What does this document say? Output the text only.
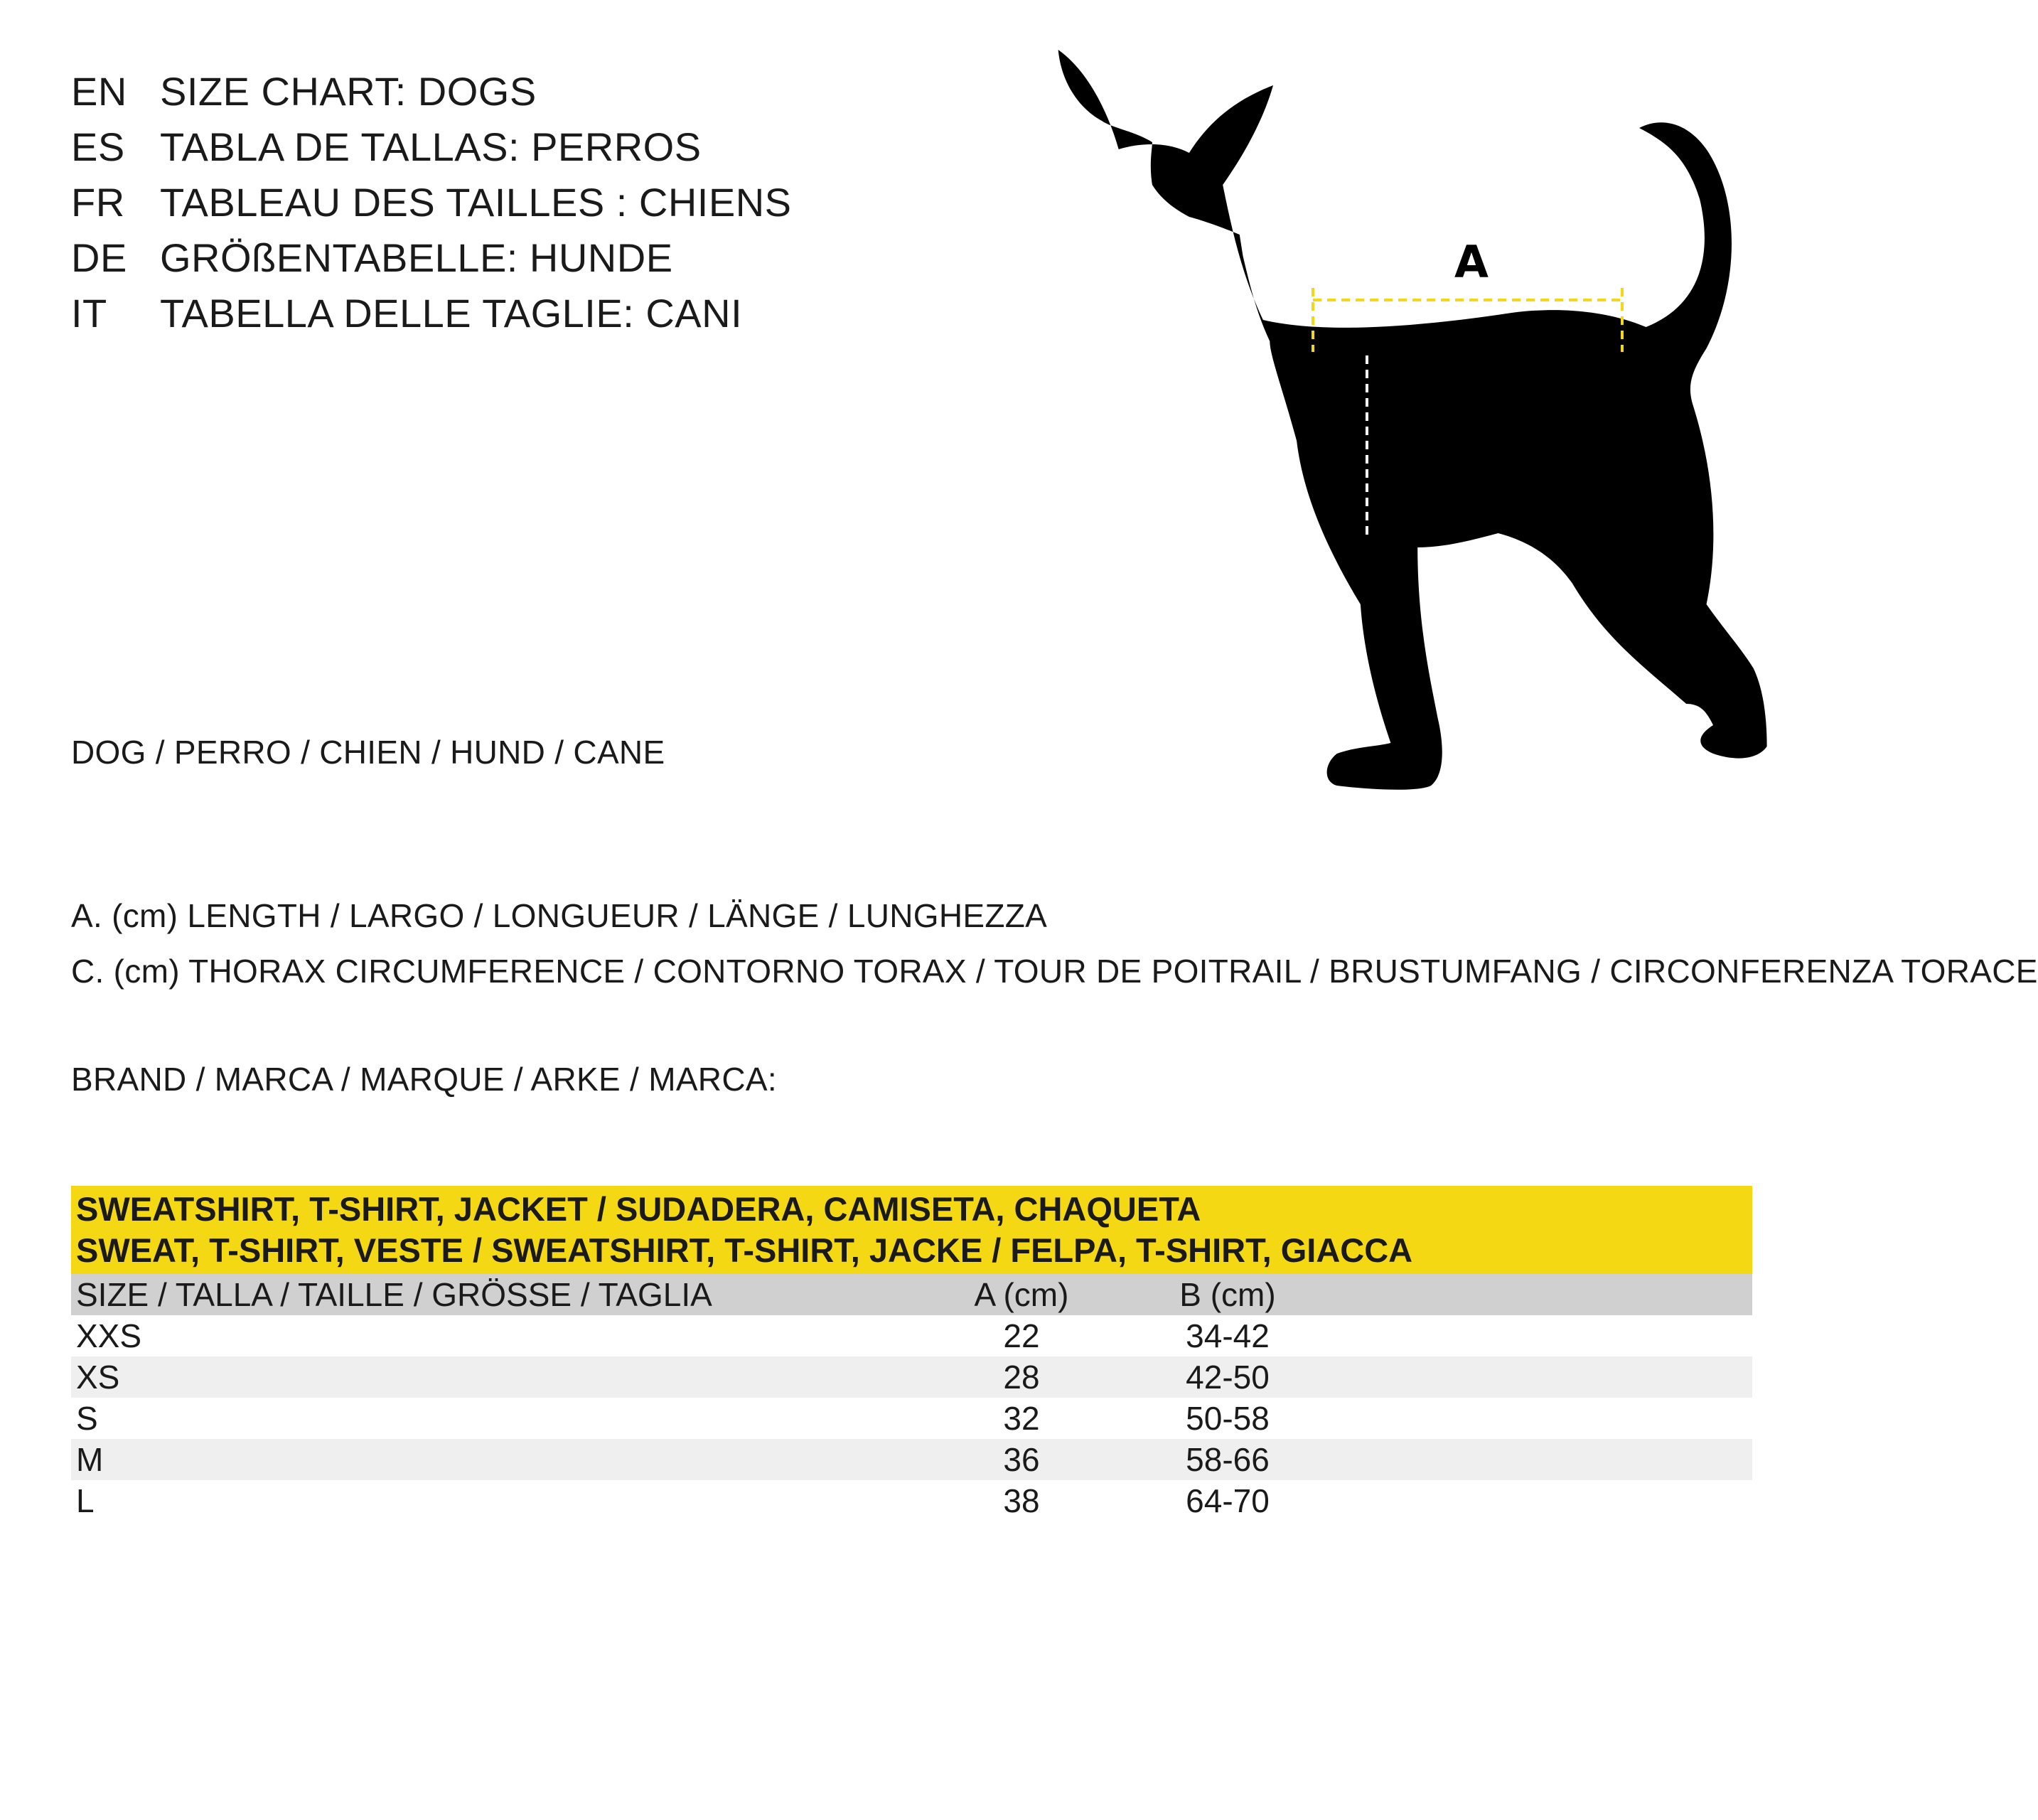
EN SIZE CHART: DOGS
ES TABLA DE TALLAS: PERROS
FR TABLEAU DES TAILLES : CHIENS
DE GRÖßENTABELLE: HUNDE
IT	TABELLA DELLE TAGLIE: CANI
A
B
DOG / PERRO / CHIEN / HUND / CANE
A. (cm) LENGTH / LARGO / LONGUEUR / LÄNGE / LUNGHEZZA
C. (cm) THORAX CIRCUMFERENCE / CONTORNO TORAX / TOUR DE POITRAIL / BRUSTUMFANG / CIRCONFERENZA TORACE
BRAND / MARCA / MARQUE / ARKE / MARCA:
SWEATSHIRT, T-SHIRT, JACKET / SUDADERA, CAMISETA, CHAQUETA
SWEAT, T-SHIRT, VESTE / SWEATSHIRT, T-SHIRT, JACKE / FELPA, T-SHIRT, GIACCA
SIZE / TALLA / TAILLE / GRÖSSE / TAGLIA	A (cm)	B (cm)
XXS	22	34-42
XS	28	42-50
S	32	50-58
M	36	58-66
L	38	64-70
